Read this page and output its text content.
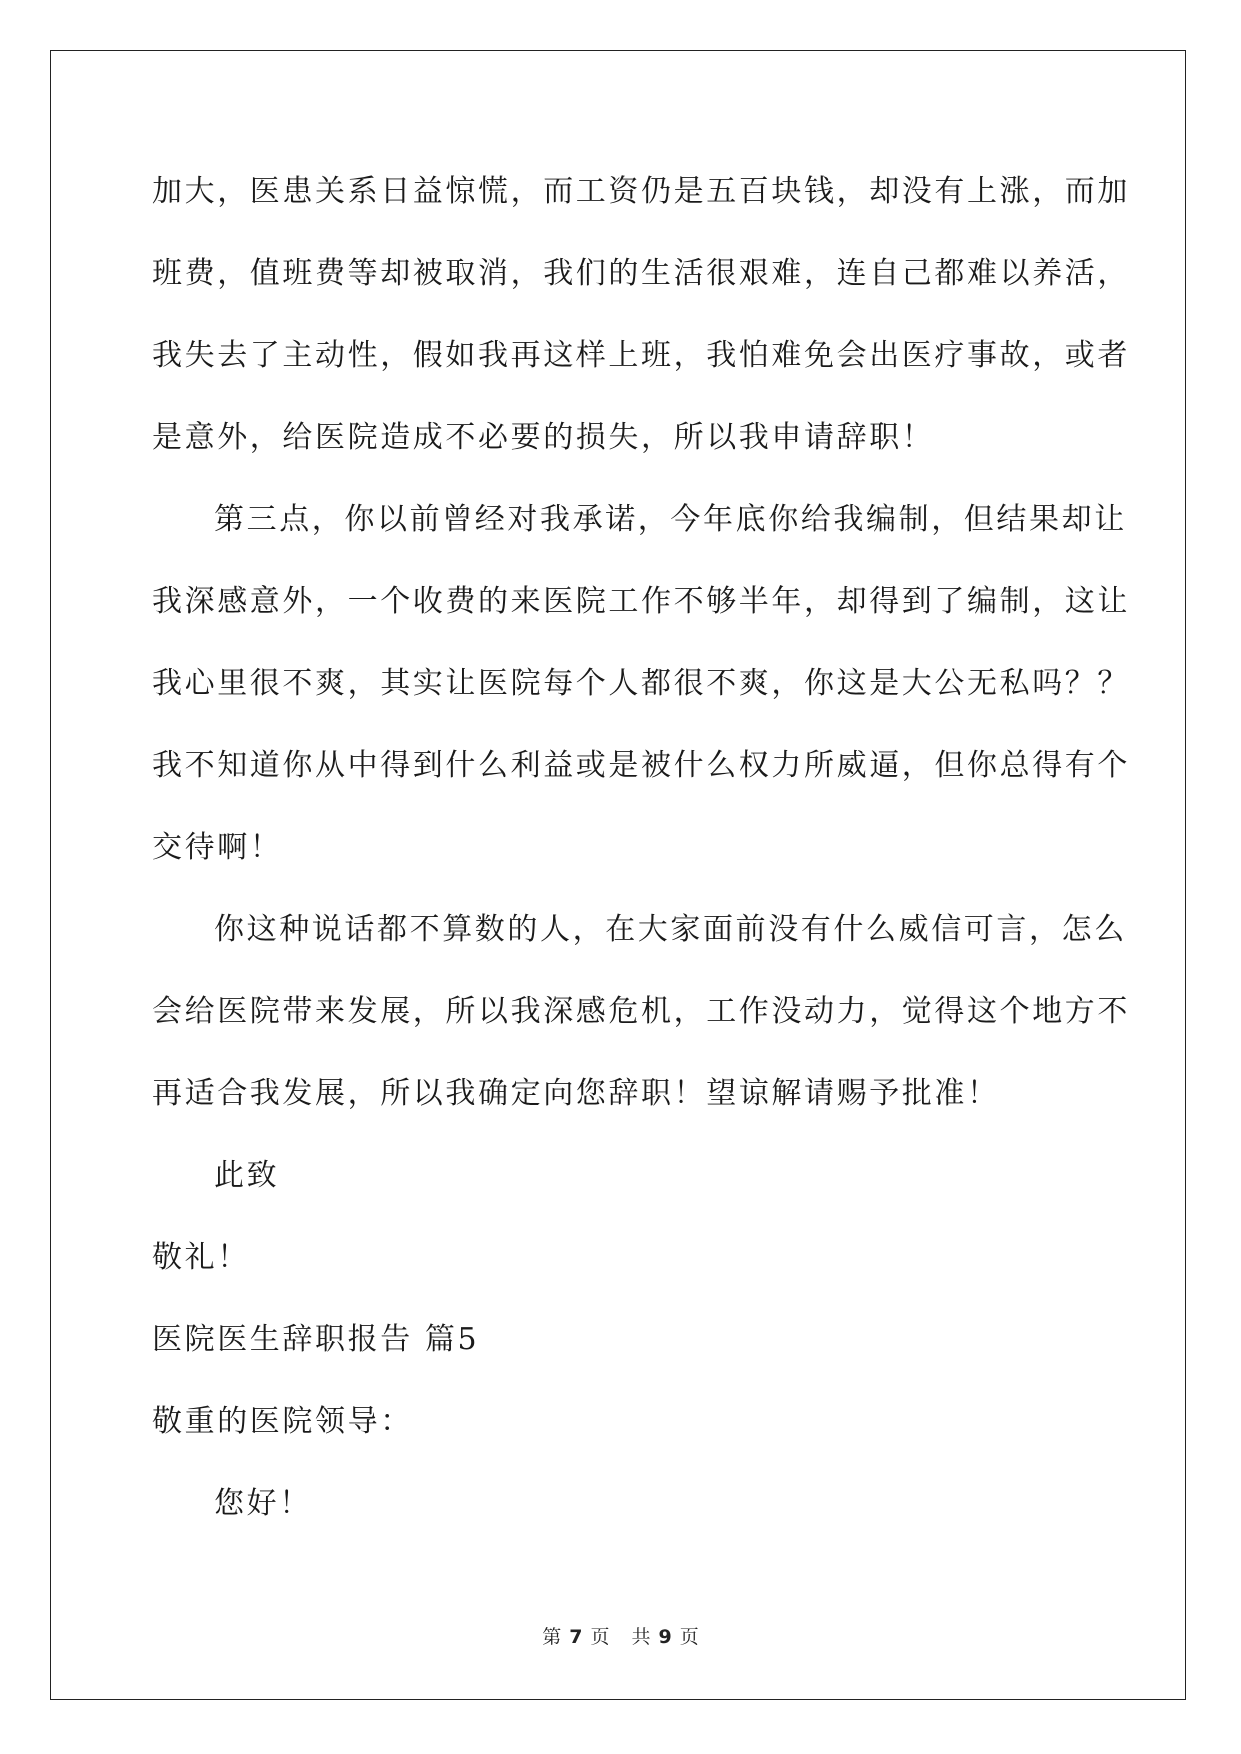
加大，医患关系日益惊慌，而工资仍是五百块钱，却没有上涨，而加
班费，值班费等却被取消，我们的生活很艰难，连自己都难以养活，
我失去了主动性，假如我再这样上班，我怕难免会出医疗事故，或者
是意外，给医院造成不必要的损失，所以我申请辞职！
第三点，你以前曾经对我承诺，今年底你给我编制，但结果却让
我深感意外，一个收费的来医院工作不够半年，却得到了编制，这让
我心里很不爽，其实让医院每个人都很不爽，你这是大公无私吗？？
我不知道你从中得到什么利益或是被什么权力所威逼，但你总得有个
交待啊！
你这种说话都不算数的人，在大家面前没有什么威信可言，怎么
会给医院带来发展，所以我深感危机，工作没动力，觉得这个地方不
再适合我发展，所以我确定向您辞职！望谅解请赐予批准！
此致
敬礼！
医院医生辞职报告 篇5
敬重的医院领导：
您好！
第 7 页 共 9 页
